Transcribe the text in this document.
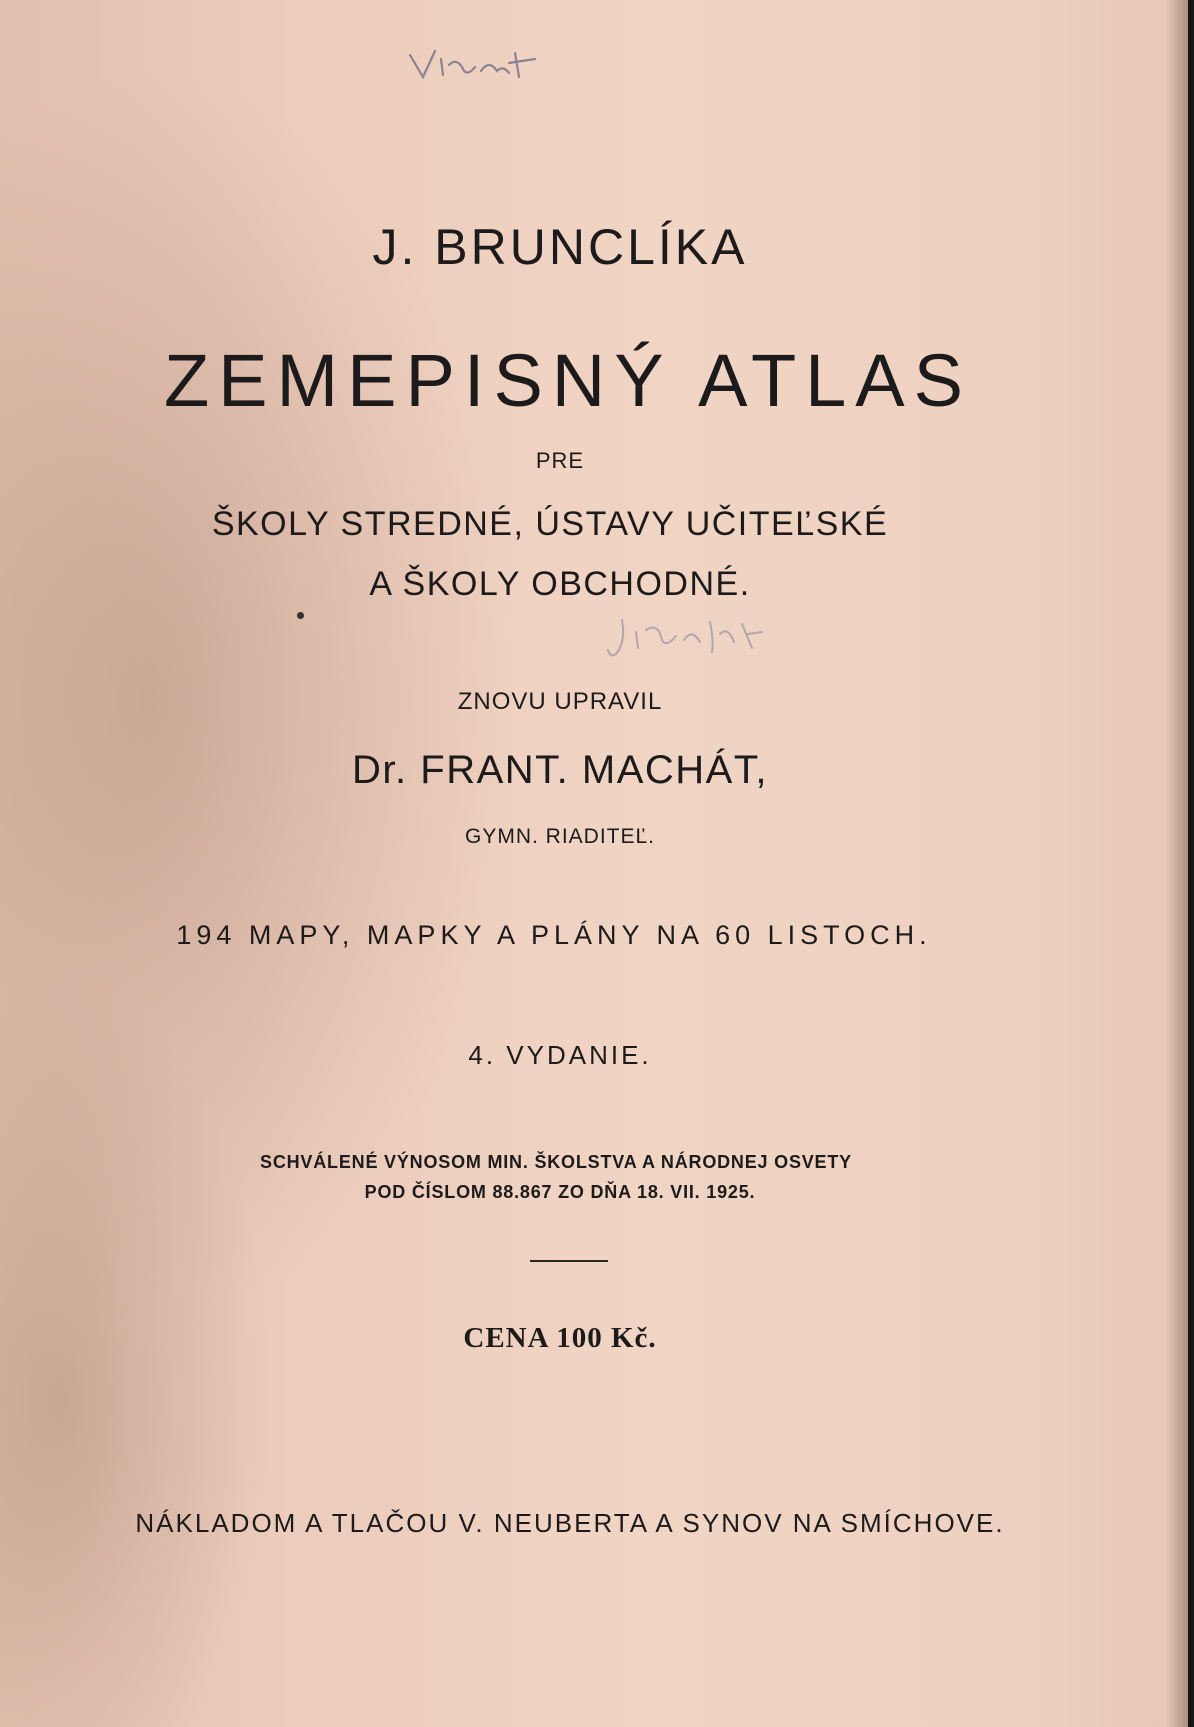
J. BRUNCLÍKA
ZEMEPISNÝ ATLAS
PRE
ŠKOLY STREDNÉ, ÚSTAVY UČITEĽSKÉ
A ŠKOLY OBCHODNÉ.
ZNOVU UPRAVIL
Dr. FRANT. MACHÁT,
GYMN. RIADITEĽ.
194 MAPY, MAPKY A PLÁNY NA 60 LISTOCH.
4. VYDANIE.
SCHVÁLENÉ VÝNOSOM MIN. ŠKOLSTVA A NÁRODNEJ OSVETY
POD ČÍSLOM 88.867 ZO DŇA 18. VII. 1925.
CENA 100 Kč.
NÁKLADOM A TLAČOU V. NEUBERTA A SYNOV NA SMÍCHOVE.
